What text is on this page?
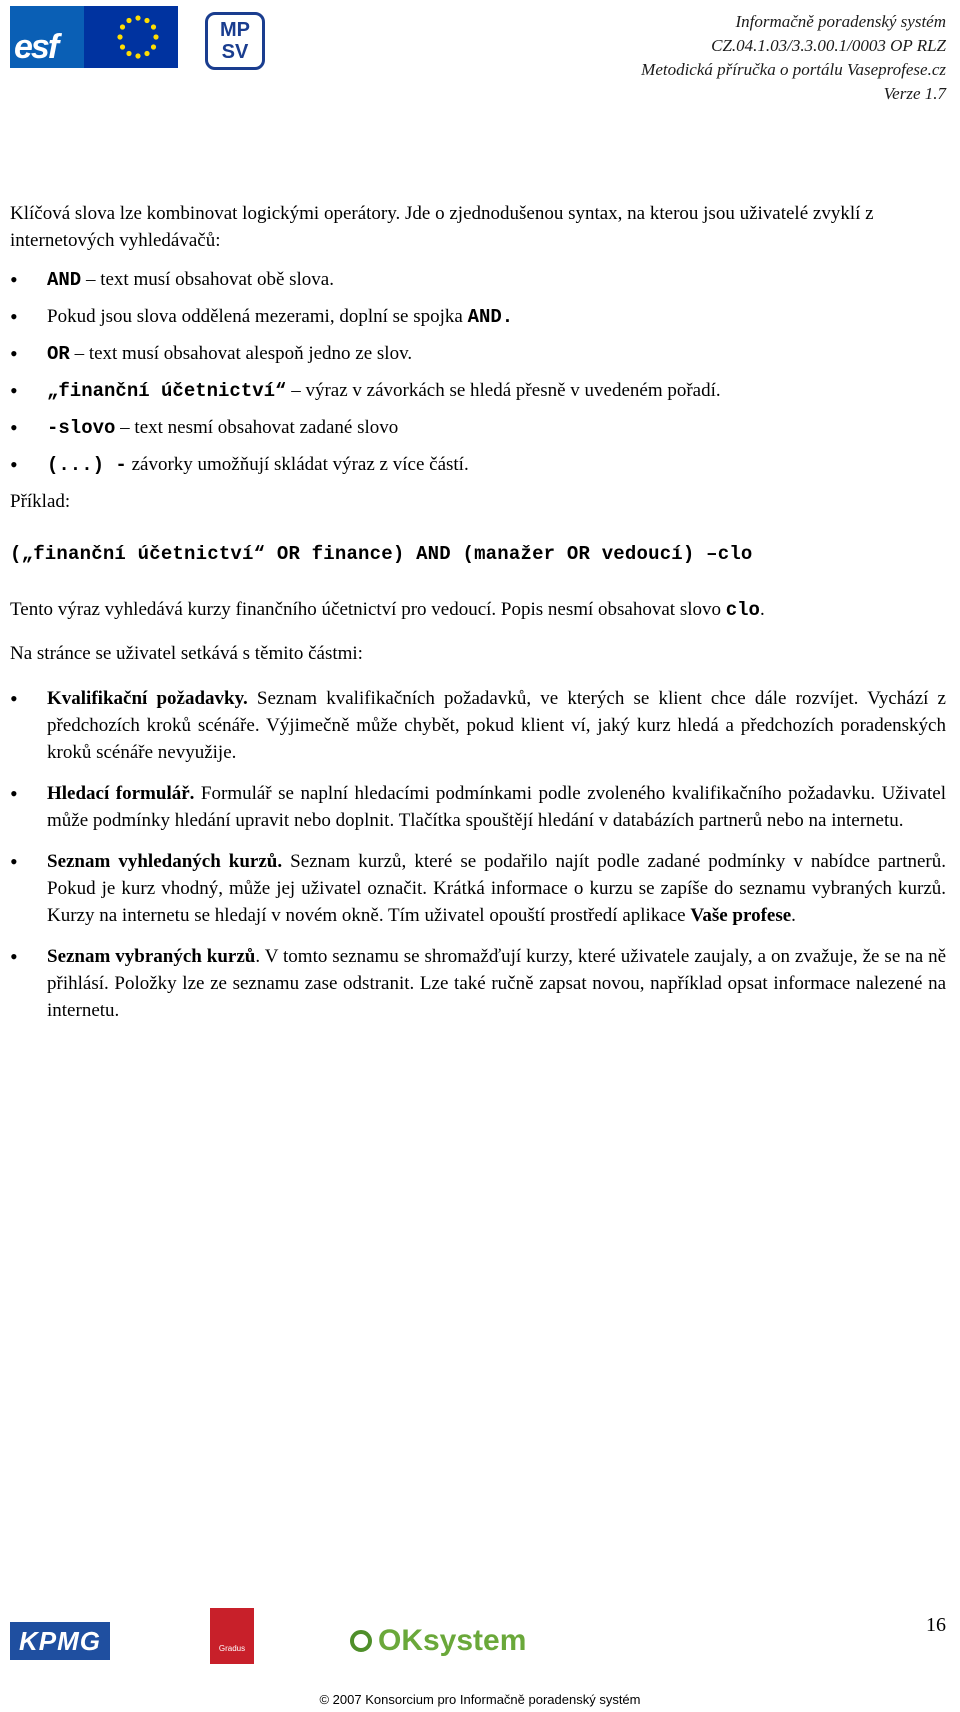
esf	MP SV
Informačně poradenský systém
CZ.04.1.03/3.3.00.1/0003 OP RLZ
Metodická příručka o portálu Vaseprofese.cz
Verze 1.7

Klíčová slova lze kombinovat logickými operátory. Jde o zjednodušenou syntax, na kterou jsou uživatelé zvyklí z internetových vyhledávačů:

• AND – text musí obsahovat obě slova.
• Pokud jsou slova oddělená mezerami, doplní se spojka AND.
• OR – text musí obsahovat alespoň jedno ze slov.
• „finanční účetnictví“ – výraz v závorkách se hledá přesně v uvedeném pořadí.
• -slovo – text nesmí obsahovat zadané slovo
• (...) - závorky umožňují skládat výraz z více částí.

Příklad:

(„finanční účetnictví“ OR finance) AND (manažer OR vedoucí) –clo

Tento výraz vyhledává kurzy finančního účetnictví pro vedoucí. Popis nesmí obsahovat slovo clo.

Na stránce se uživatel setkává s těmito částmi:

• Kvalifikační požadavky. Seznam kvalifikačních požadavků, ve kterých se klient chce dále rozvíjet. Vychází z předchozích kroků scénáře. Výjimečně může chybět, pokud klient ví, jaký kurz hledá a předchozích poradenských kroků scénáře nevyužije.
• Hledací formulář. Formulář se naplní hledacími podmínkami podle zvoleného kvalifikačního požadavku. Uživatel může podmínky hledání upravit nebo doplnit. Tlačítka spouštějí hledání v databázích partnerů nebo na internetu.
• Seznam vyhledaných kurzů. Seznam kurzů, které se podařilo najít podle zadané podmínky v nabídce partnerů. Pokud je kurz vhodný, může jej uživatel označit. Krátká informace o kurzu se zapíše do seznamu vybraných kurzů. Kurzy na internetu se hledají v novém okně. Tím uživatel opouští prostředí aplikace Vaše profese.
• Seznam vybraných kurzů. V tomto seznamu se shromažďují kurzy, které uživatele zaujaly, a on zvažuje, že se na ně přihlásí. Položky lze ze seznamu zase odstranit. Lze také ručně zapsat novou, například opsat informace nalezené na internetu.
KPMG	Gradus	OKsystem	16
© 2007 Konsorcium pro Informačně poradenský systém
